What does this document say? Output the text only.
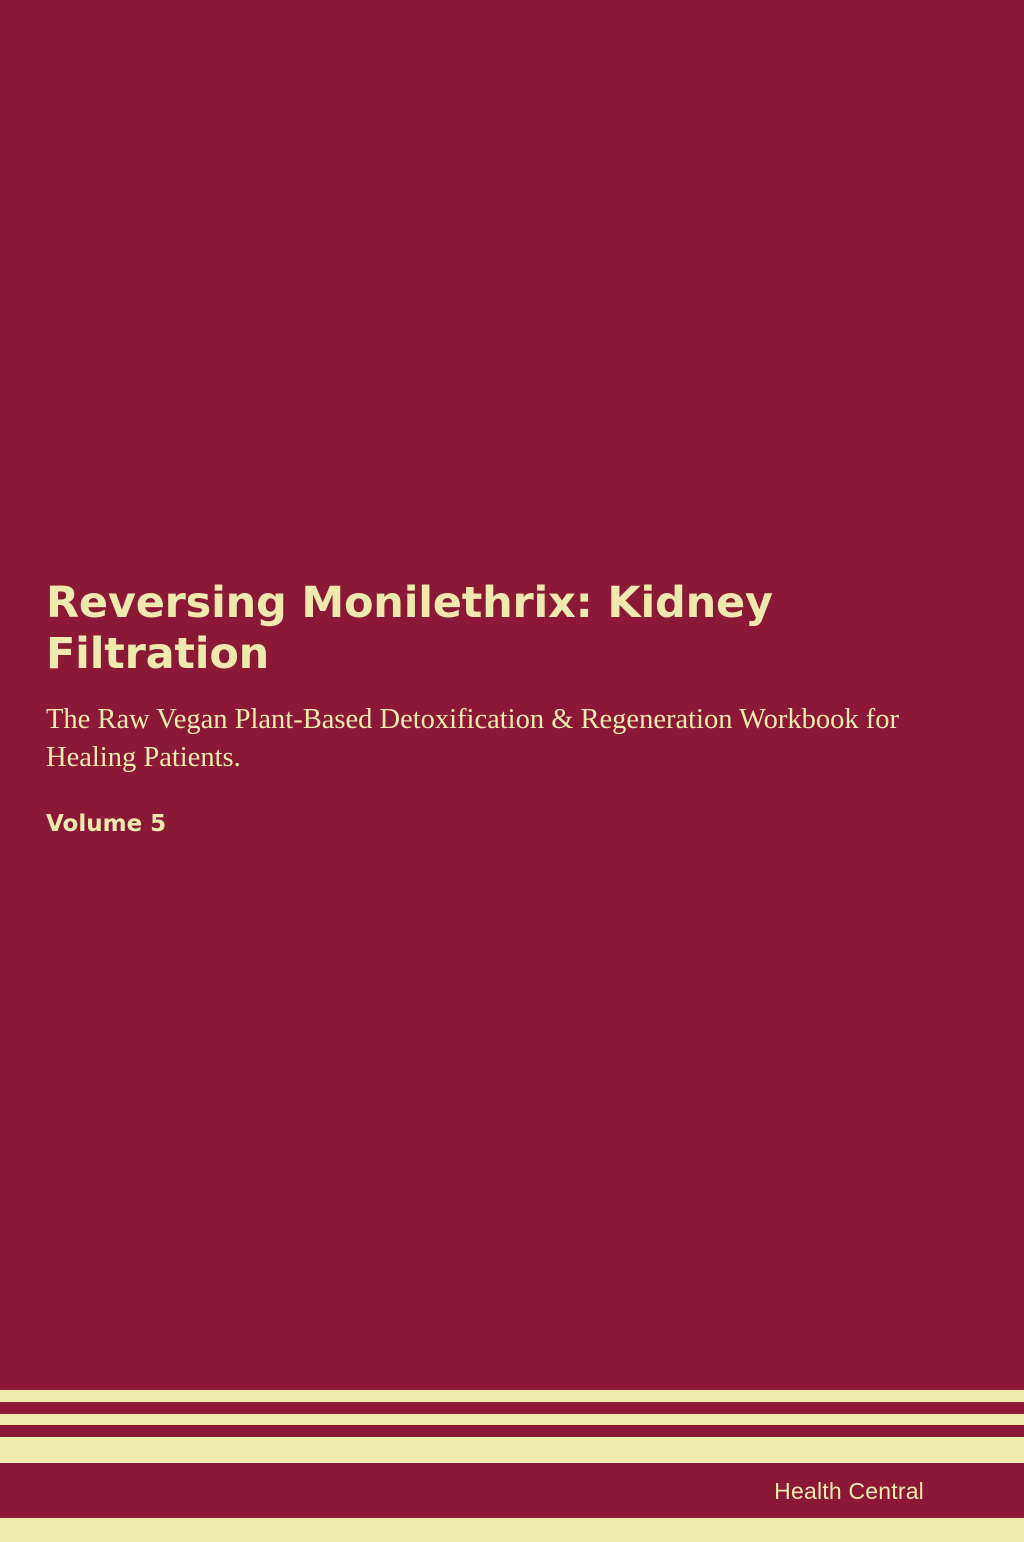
Reversing Monilethrix: Kidney Filtration

The Raw Vegan Plant-Based Detoxification & Regeneration Workbook for Healing Patients.

Volume 5

Health Central
